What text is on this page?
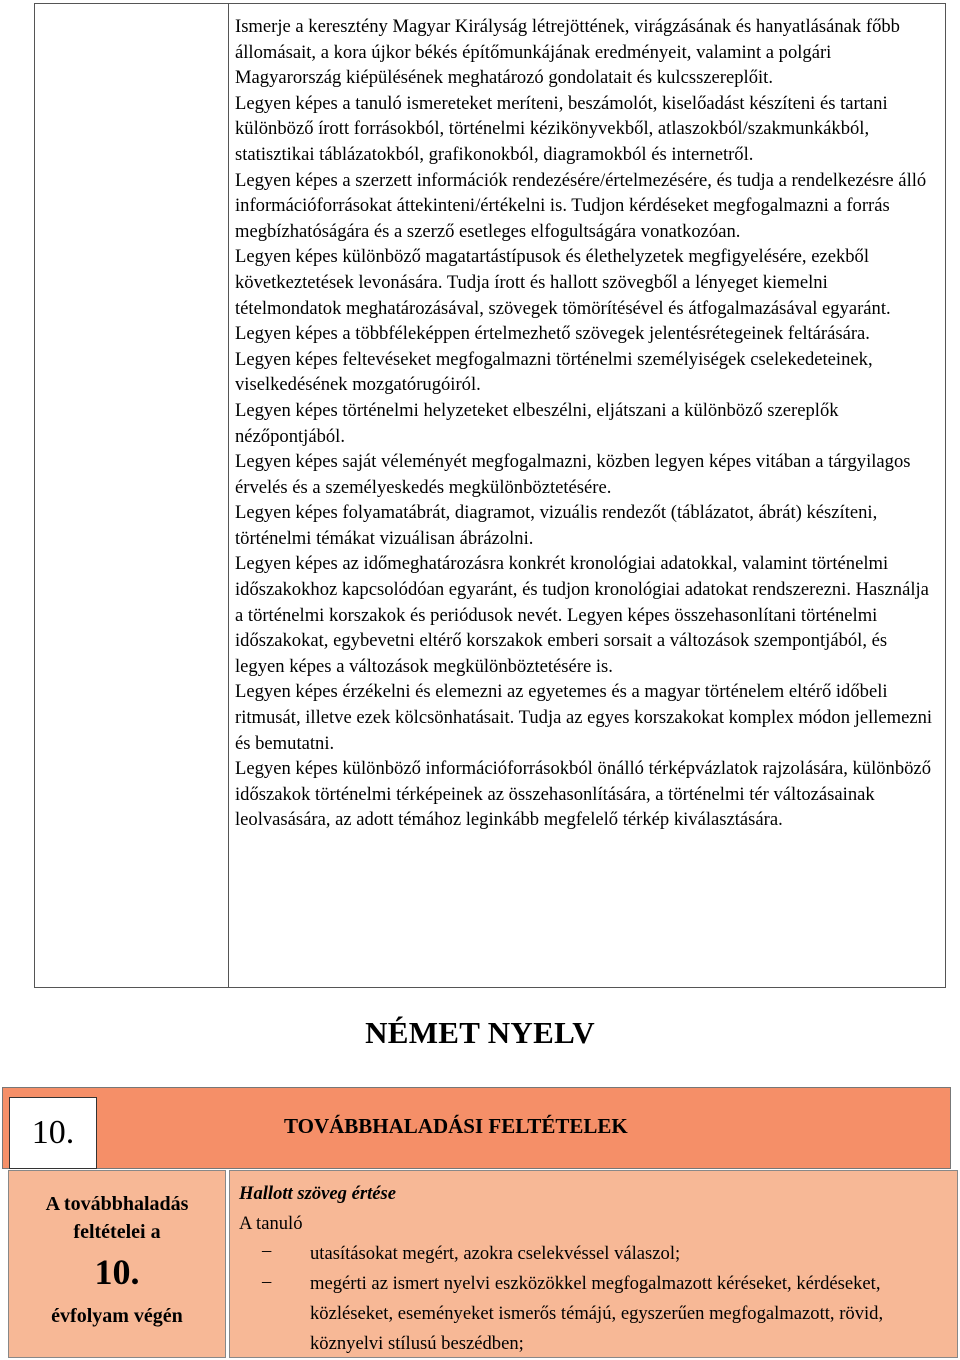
Ismerje a keresztény Magyar Királyság létrejöttének, virágzásának és hanyatlásának főbb állomásait, a kora újkor békés építőmunkájának eredményeit, valamint a polgári Magyarország kiépülésének meghatározó gondolatait és kulcsszereplőit.

Legyen képes a tanuló ismereteket meríteni, beszámolót, kiselőadást készíteni és tartani különböző írott forrásokból, történelmi kézikönyvekből, atlaszokból/szakmunkákból, statisztikai táblázatokból, grafikonokból, diagramokból és internetről.

Legyen képes a szerzett információk rendezésére/értelmezésére, és tudja a rendelkezésre álló információforrásokat áttekinteni/értékelni is. Tudjon kérdéseket megfogalmazni a forrás megbízhatóságára és a szerző esetleges elfogultságára vonatkozóan.

Legyen képes különböző magatartástípusok és élethelyzetek megfigyelésére, ezekből következtetések levonására. Tudja írott és hallott szövegből a lényeget kiemelni tételmondatok meghatározásával, szövegek tömörítésével és átfogalmazásával egyaránt. Legyen képes a többféleképpen értelmezhető szövegek jelentésrétegeinek feltárására.

Legyen képes feltevéseket megfogalmazni történelmi személyiségek cselekedeteinek, viselkedésének mozgatórugóiról.

Legyen képes történelmi helyzeteket elbeszélni, eljátszani a különböző szereplők nézőpontjából.

Legyen képes saját véleményét megfogalmazni, közben legyen képes vitában a tárgyilagos érvelés és a személyeskedés megkülönböztetésére.

Legyen képes folyamatábrát, diagramot, vizuális rendezőt (táblázatot, ábrát) készíteni, történelmi témákat vizuálisan ábrázolni.

Legyen képes az időmeghatározásra konkrét kronológiai adatokkal, valamint történelmi időszakokhoz kapcsolódóan egyaránt, és tudjon kronológiai adatokat rendszerezni. Használja a történelmi korszakok és periódusok nevét. Legyen képes összehasonlítani történelmi időszakokat, egybevetni eltérő korszakok emberi sorsait a változások szempontjából, és legyen képes a változások megkülönböztetésére is.

Legyen képes érzékelni és elemezni az egyetemes és a magyar történelem eltérő időbeli ritmusát, illetve ezek kölcsönhatásait. Tudja az egyes korszakokat komplex módon jellemezni és bemutatni.

Legyen képes különböző információforrásokból önálló térképvázlatok rajzolására, különböző időszakok történelmi térképeinek az összehasonlítására, a történelmi tér változásainak leolvasására, az adott témához leginkább megfelelő térkép kiválasztására.

NÉMET NYELV
10.	TOVÁBBHALADÁSI FELTÉTELEK
A továbbhaladás
feltételei a
10.
évfolyam végén
Hallott szöveg értése
A tanuló
– utasításokat megért, azokra cselekvéssel válaszol;
– megérti az ismert nyelvi eszközökkel megfogalmazott kéréseket, kérdéseket, közléseket, eseményeket ismerős témájú, egyszerűen megfogalmazott, rövid, köznyelvi stílusú beszédben;
